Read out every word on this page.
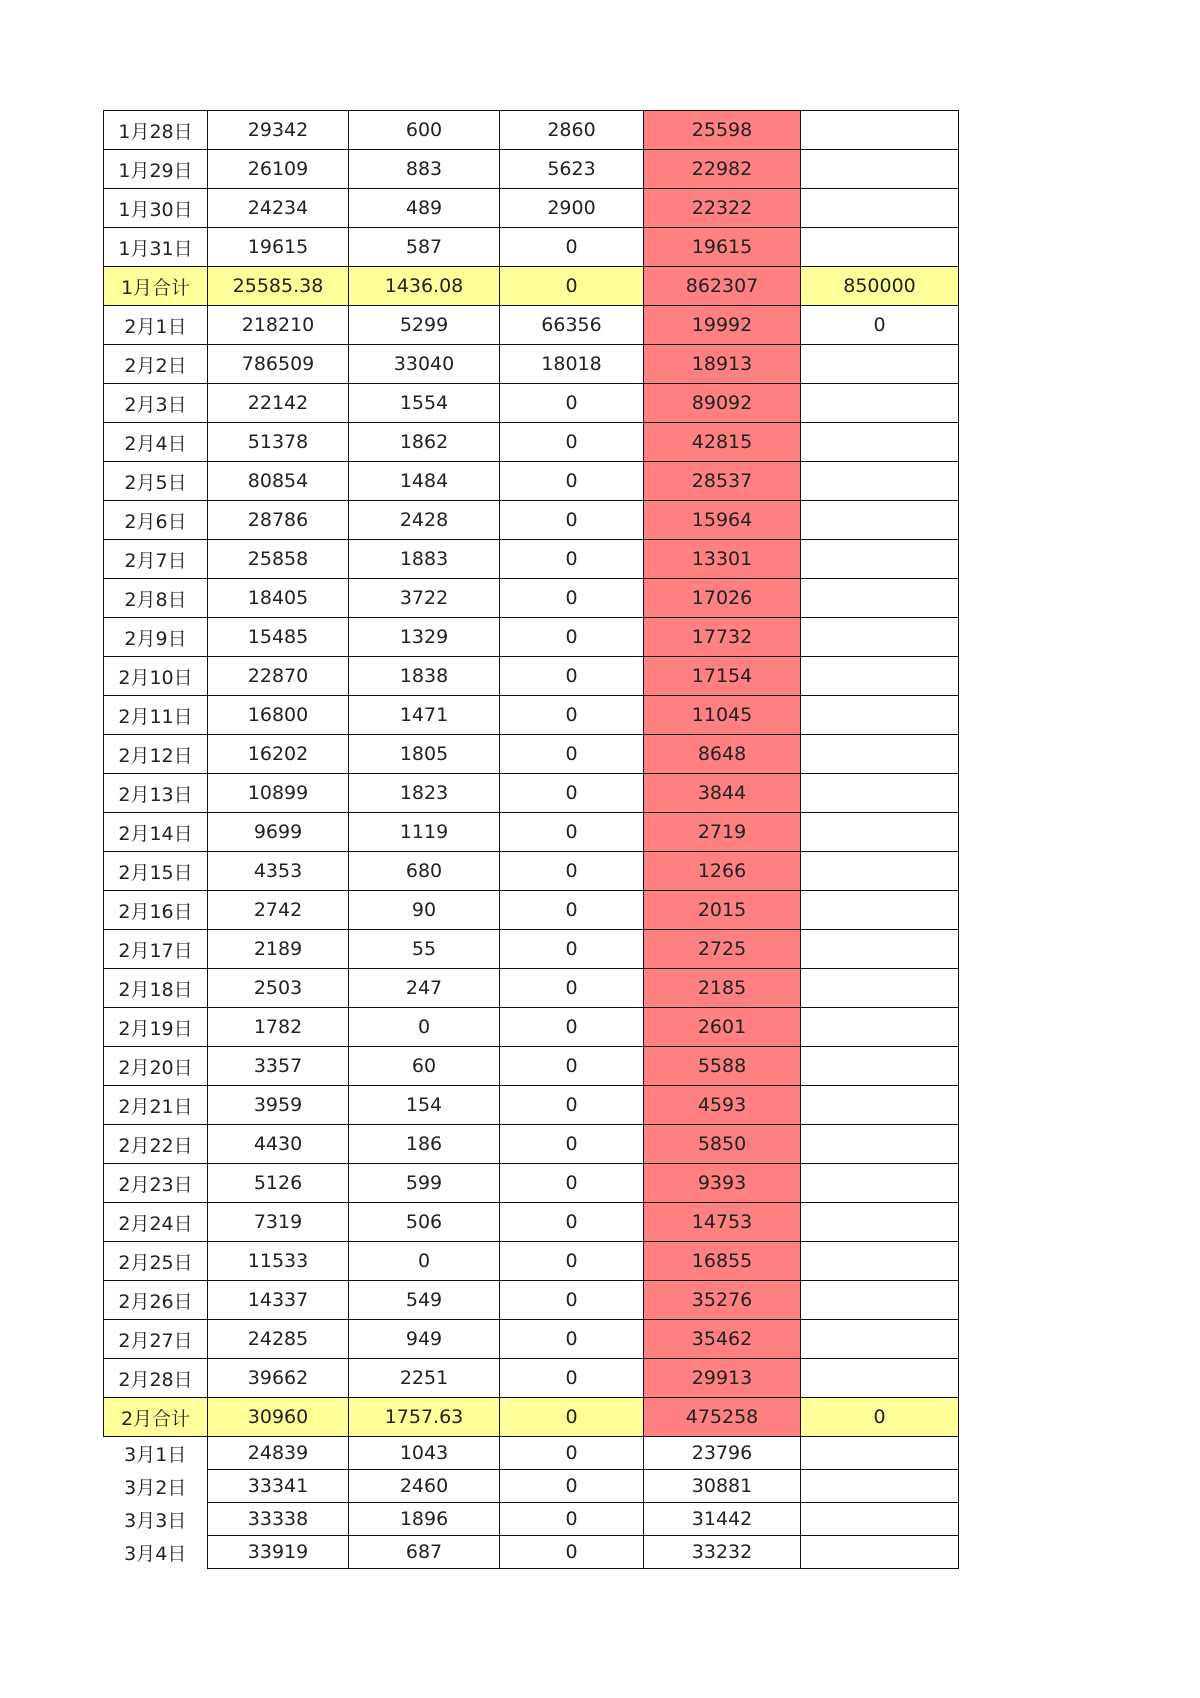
1月28日	29342	600	2860	25598	
1月29日	26109	883	5623	22982	
1月30日	24234	489	2900	22322	
1月31日	19615	587	0	19615	
1月合计	25585.38	1436.08	0	862307	850000
2月1日	218210	5299	66356	19992	0
2月2日	786509	33040	18018	18913	
2月3日	22142	1554	0	89092	
2月4日	51378	1862	0	42815	
2月5日	80854	1484	0	28537	
2月6日	28786	2428	0	15964	
2月7日	25858	1883	0	13301	
2月8日	18405	3722	0	17026	
2月9日	15485	1329	0	17732	
2月10日	22870	1838	0	17154	
2月11日	16800	1471	0	11045	
2月12日	16202	1805	0	8648	
2月13日	10899	1823	0	3844	
2月14日	9699	1119	0	2719	
2月15日	4353	680	0	1266	
2月16日	2742	90	0	2015	
2月17日	2189	55	0	2725	
2月18日	2503	247	0	2185	
2月19日	1782	0	0	2601	
2月20日	3357	60	0	5588	
2月21日	3959	154	0	4593	
2月22日	4430	186	0	5850	
2月23日	5126	599	0	9393	
2月24日	7319	506	0	14753	
2月25日	11533	0	0	16855	
2月26日	14337	549	0	35276	
2月27日	24285	949	0	35462	
2月28日	39662	2251	0	29913	
2月合计	30960	1757.63	0	475258	0
3月1日	24839	1043	0	23796	
3月2日	33341	2460	0	30881	
3月3日	33338	1896	0	31442	
3月4日	33919	687	0	33232	
